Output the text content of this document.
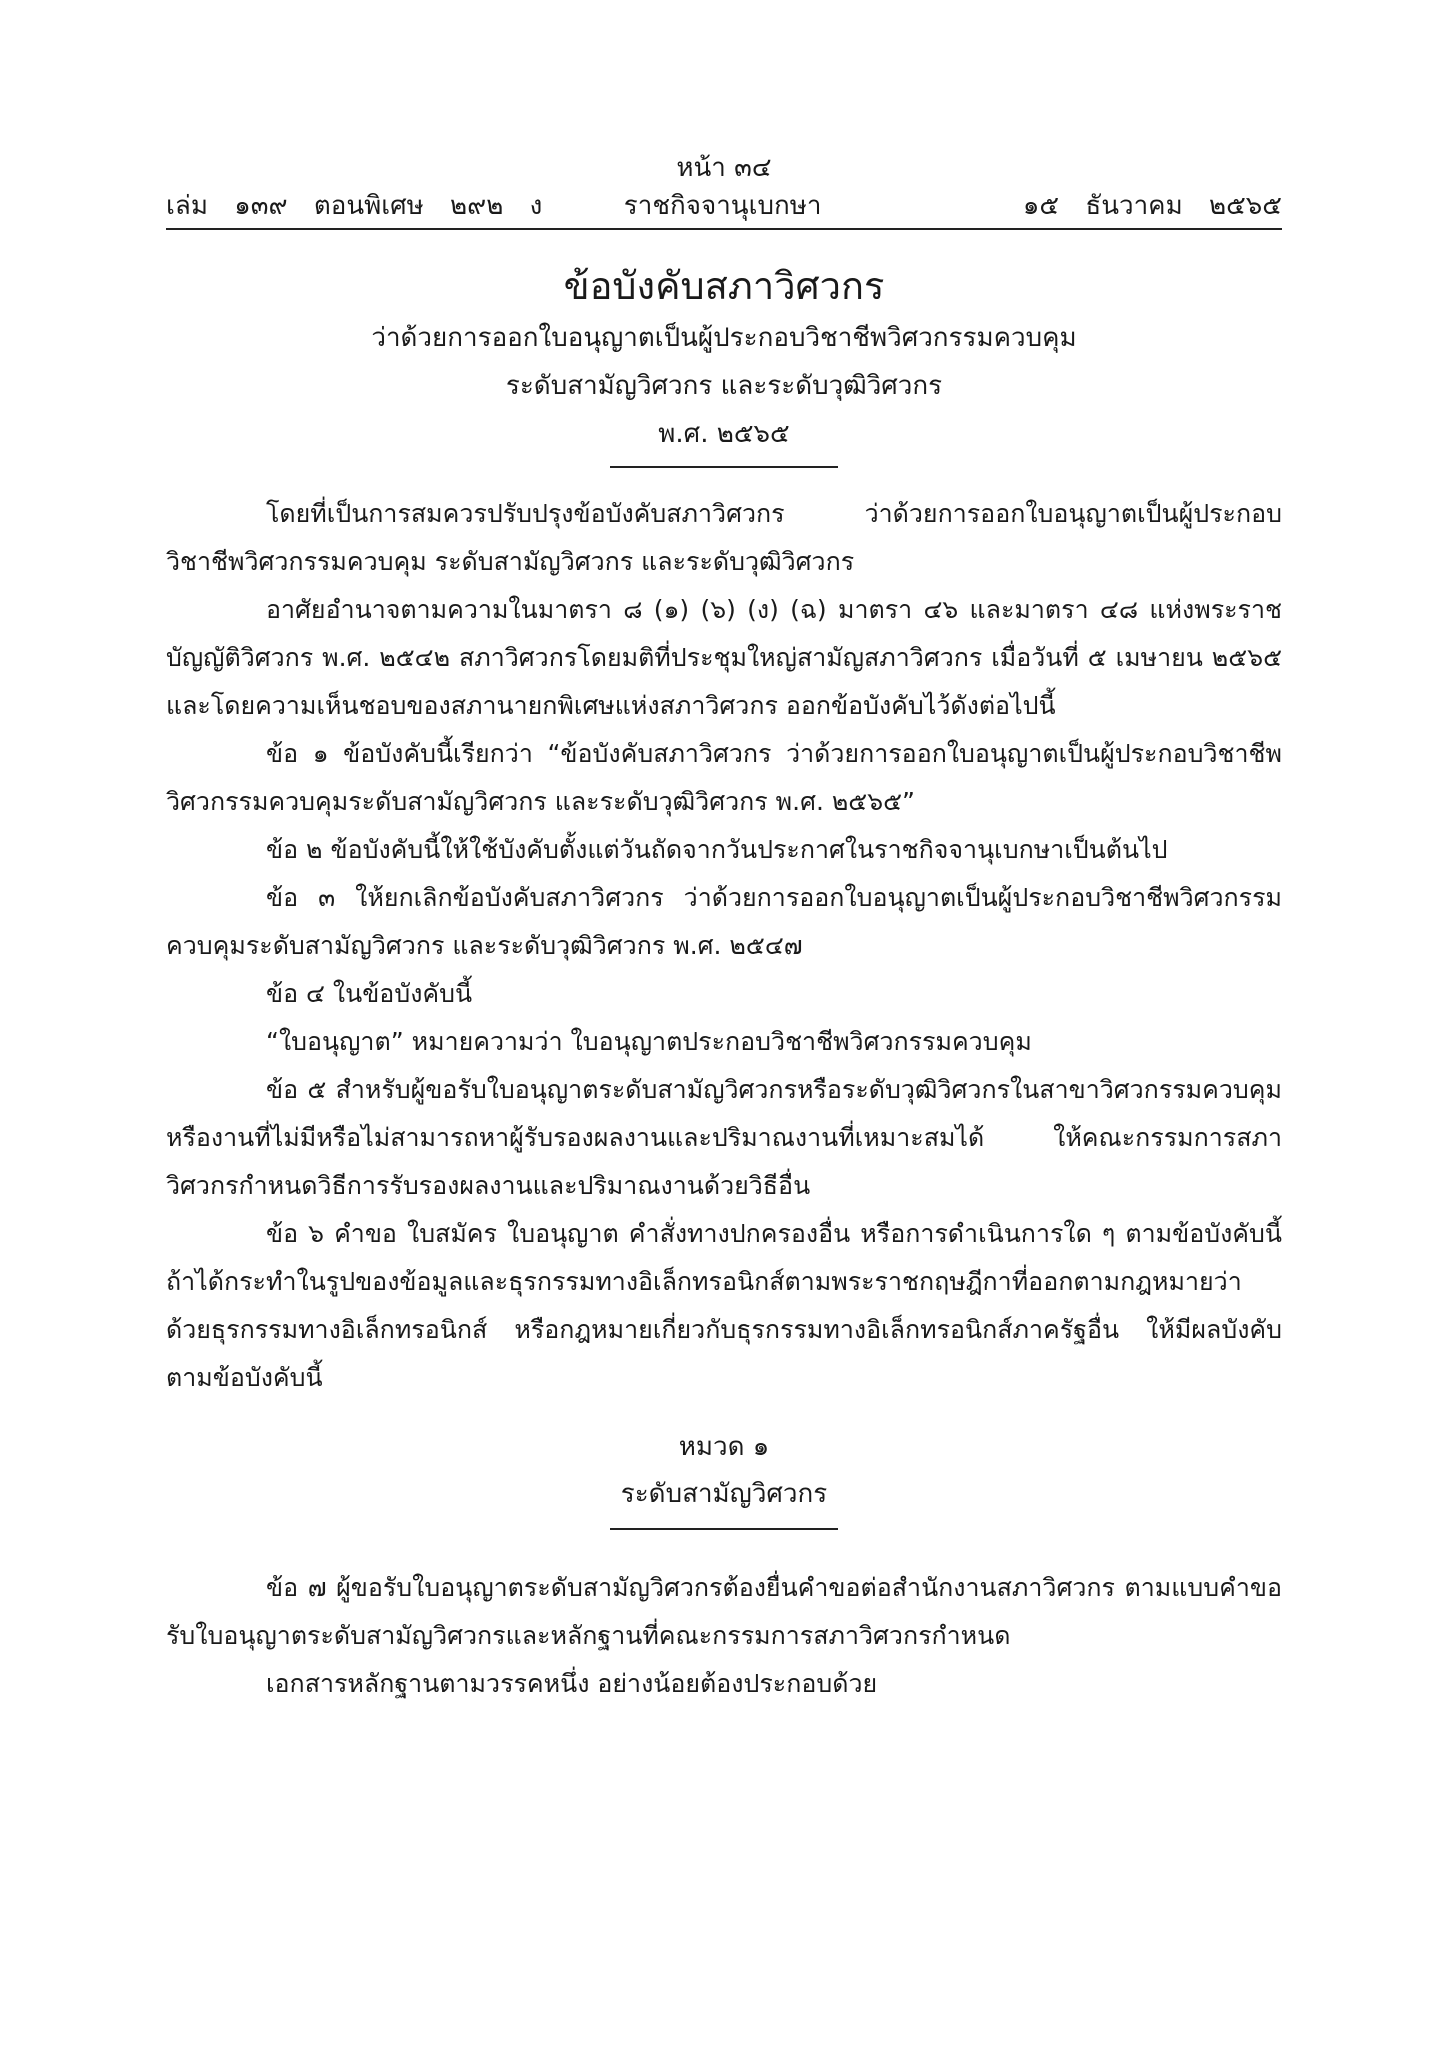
หน้า ๓๔
เล่ม ๑๓๙ ตอนพิเศษ ๒๙๒ ง	ราชกิจจานุเบกษา	๑๕ ธันวาคม ๒๕๖๕
ข้อบังคับสภาวิศวกร
ว่าด้วยการออกใบอนุญาตเป็นผู้ประกอบวิชาชีพวิศวกรรมควบคุม
ระดับสามัญวิศวกร และระดับวุฒิวิศวกร
พ.ศ. ๒๕๖๕

โดยที่เป็นการสมควรปรับปรุงข้อบังคับสภาวิศวกร ว่าด้วยการออกใบอนุญาตเป็นผู้ประกอบวิชาชีพวิศวกรรมควบคุม ระดับสามัญวิศวกร และระดับวุฒิวิศวกร

อาศัยอำนาจตามความในมาตรา ๘ (๑) (๖) (ง) (ฉ) มาตรา ๔๖ และมาตรา ๔๘ แห่งพระราชบัญญัติวิศวกร พ.ศ. ๒๕๔๒ สภาวิศวกรโดยมติที่ประชุมใหญ่สามัญสภาวิศวกร เมื่อวันที่ ๕ เมษายน ๒๕๖๕ และโดยความเห็นชอบของสภานายกพิเศษแห่งสภาวิศวกร ออกข้อบังคับไว้ดังต่อไปนี้

ข้อ ๑ ข้อบังคับนี้เรียกว่า “ข้อบังคับสภาวิศวกร ว่าด้วยการออกใบอนุญาตเป็นผู้ประกอบวิชาชีพวิศวกรรมควบคุมระดับสามัญวิศวกร และระดับวุฒิวิศวกร พ.ศ. ๒๕๖๕”

ข้อ ๒ ข้อบังคับนี้ให้ใช้บังคับตั้งแต่วันถัดจากวันประกาศในราชกิจจานุเบกษาเป็นต้นไป

ข้อ ๓ ให้ยกเลิกข้อบังคับสภาวิศวกร ว่าด้วยการออกใบอนุญาตเป็นผู้ประกอบวิชาชีพวิศวกรรมควบคุมระดับสามัญวิศวกร และระดับวุฒิวิศวกร พ.ศ. ๒๕๔๗

ข้อ ๔ ในข้อบังคับนี้

“ใบอนุญาต” หมายความว่า ใบอนุญาตประกอบวิชาชีพวิศวกรรมควบคุม

ข้อ ๕ สำหรับผู้ขอรับใบอนุญาตระดับสามัญวิศวกรหรือระดับวุฒิวิศวกรในสาขาวิศวกรรมควบคุมหรืองานที่ไม่มีหรือไม่สามารถหาผู้รับรองผลงานและปริมาณงานที่เหมาะสมได้ ให้คณะกรรมการสภาวิศวกรกำหนดวิธีการรับรองผลงานและปริมาณงานด้วยวิธีอื่น

ข้อ ๖ คำขอ ใบสมัคร ใบอนุญาต คำสั่งทางปกครองอื่น หรือการดำเนินการใด ๆ ตามข้อบังคับนี้ ถ้าได้กระทำในรูปของข้อมูลและธุรกรรมทางอิเล็กทรอนิกส์ตามพระราชกฤษฎีกาที่ออกตามกฎหมายว่าด้วยธุรกรรมทางอิเล็กทรอนิกส์ หรือกฎหมายเกี่ยวกับธุรกรรมทางอิเล็กทรอนิกส์ภาครัฐอื่น ให้มีผลบังคับตามข้อบังคับนี้

หมวด ๑
ระดับสามัญวิศวกร

ข้อ ๗ ผู้ขอรับใบอนุญาตระดับสามัญวิศวกรต้องยื่นคำขอต่อสำนักงานสภาวิศวกร ตามแบบคำขอรับใบอนุญาตระดับสามัญวิศวกรและหลักฐานที่คณะกรรมการสภาวิศวกรกำหนด

เอกสารหลักฐานตามวรรคหนึ่ง อย่างน้อยต้องประกอบด้วย
